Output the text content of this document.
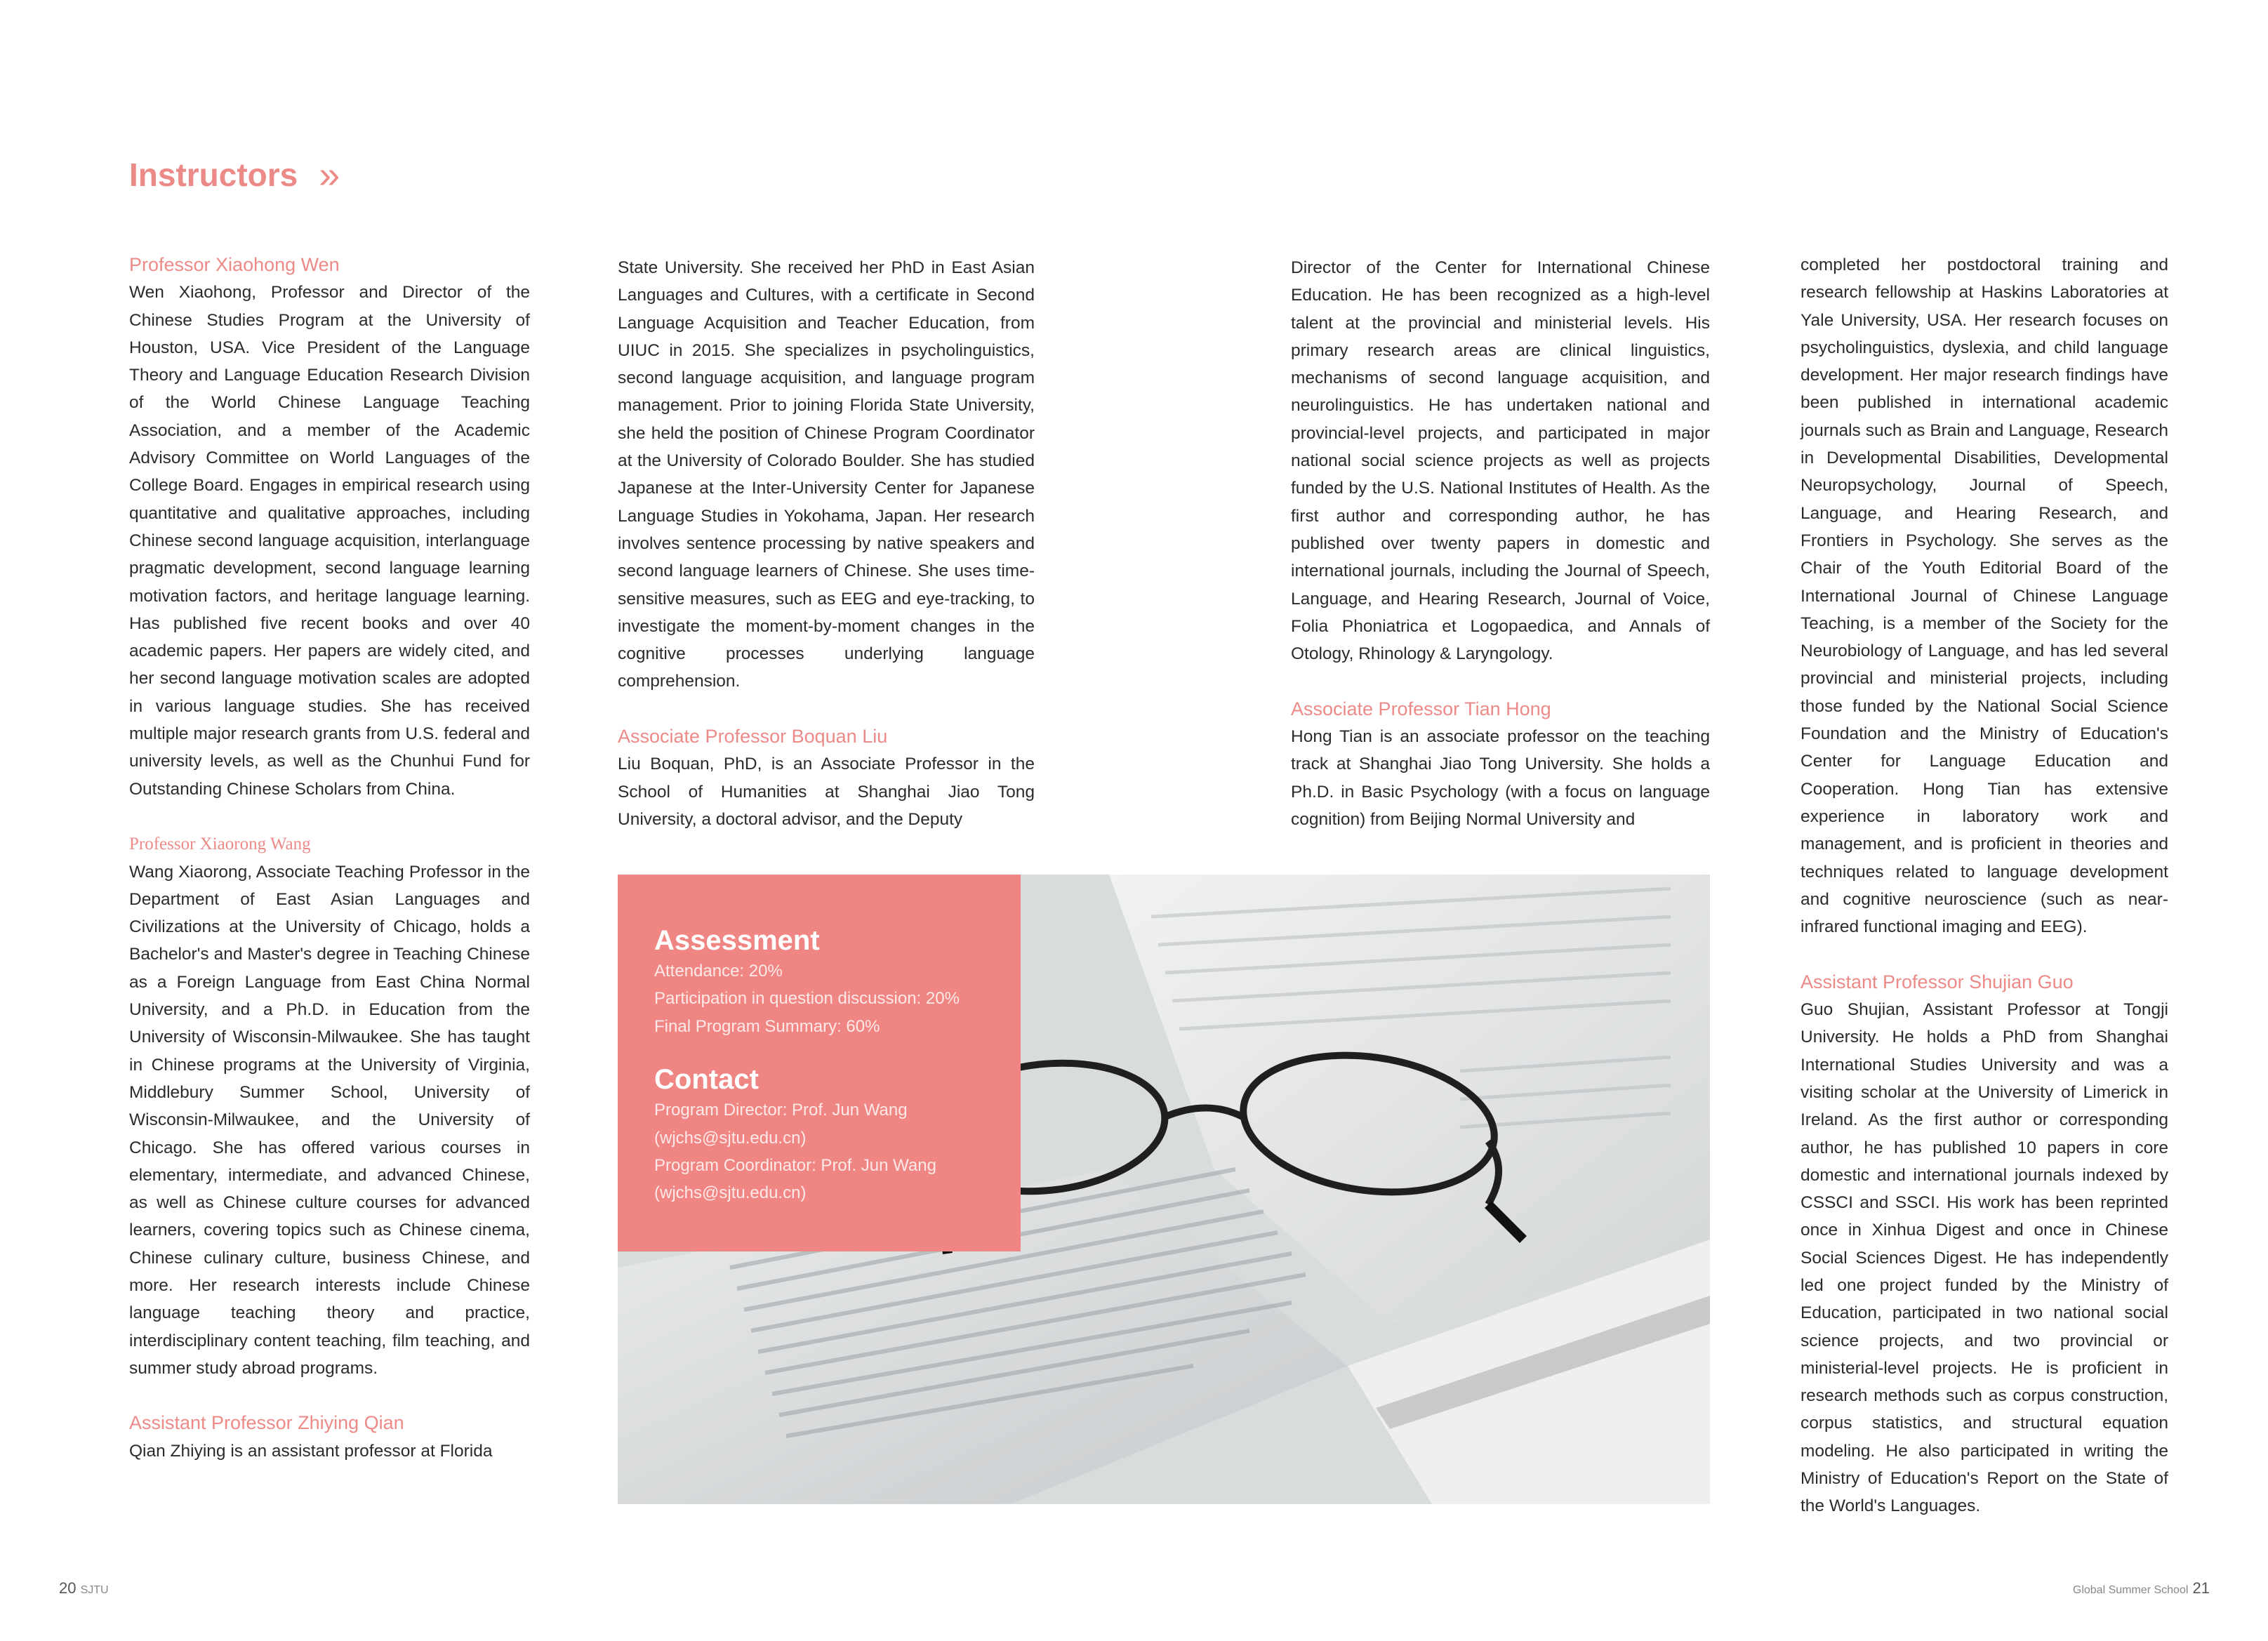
Instructors »
Professor Xiaohong Wen

Wen Xiaohong, Professor and Director of the Chinese Studies Program at the University of Houston, USA. Vice President of the Language Theory and Language Education Research Division of the World Chinese Language Teaching Association, and a member of the Academic Advisory Committee on World Languages of the College Board. Engages in empirical research using quantitative and qualitative approaches, including Chinese second language acquisition, interlanguage pragmatic development, second language learning motivation factors, and heritage language learning. Has published five recent books and over 40 academic papers. Her papers are widely cited, and her second language motivation scales are adopted in various language studies. She has received multiple major research grants from U.S. federal and university levels, as well as the Chunhui Fund for Outstanding Chinese Scholars from China.

Professor Xiaorong Wang

Wang Xiaorong, Associate Teaching Professor in the Department of East Asian Languages and Civilizations at the University of Chicago, holds a Bachelor's and Master's degree in Teaching Chinese as a Foreign Language from East China Normal University, and a Ph.D. in Education from the University of Wisconsin-Milwaukee. She has taught in Chinese programs at the University of Virginia, Middlebury Summer School, University of Wisconsin-Milwaukee, and the University of Chicago. She has offered various courses in elementary, intermediate, and advanced Chinese, as well as Chinese culture courses for advanced learners, covering topics such as Chinese cinema, Chinese culinary culture, business Chinese, and more. Her research interests include Chinese language teaching theory and practice, interdisciplinary content teaching, film teaching, and summer study abroad programs.

Assistant Professor Zhiying Qian

Qian Zhiying is an assistant professor at Florida

State University. She received her PhD in East Asian Languages and Cultures, with a certificate in Second Language Acquisition and Teacher Education, from UIUC in 2015. She specializes in psycholinguistics, second language acquisition, and language program management. Prior to joining Florida State University, she held the position of Chinese Program Coordinator at the University of Colorado Boulder. She has studied Japanese at the Inter-University Center for Japanese Language Studies in Yokohama, Japan. Her research involves sentence processing by native speakers and second language learners of Chinese. She uses time-sensitive measures, such as EEG and eye-tracking, to investigate the moment-by-moment changes in the cognitive processes underlying language comprehension.

Associate Professor Boquan Liu

Liu Boquan, PhD, is an Associate Professor in the School of Humanities at Shanghai Jiao Tong University, a doctoral advisor, and the Deputy

Director of the Center for International Chinese Education. He has been recognized as a high-level talent at the provincial and ministerial levels. His primary research areas are clinical linguistics, mechanisms of second language acquisition, and neurolinguistics. He has undertaken national and provincial-level projects, and participated in major national social science projects as well as projects funded by the U.S. National Institutes of Health. As the first author and corresponding author, he has published over twenty papers in domestic and international journals, including the Journal of Speech, Language, and Hearing Research, Journal of Voice, Folia Phoniatrica et Logopaedica, and Annals of Otology, Rhinology & Laryngology.

Associate Professor Tian Hong

Hong Tian is an associate professor on the teaching track at Shanghai Jiao Tong University. She holds a Ph.D. in Basic Psychology (with a focus on language cognition) from Beijing Normal University and

completed her postdoctoral training and research fellowship at Haskins Laboratories at Yale University, USA. Her research focuses on psycholinguistics, dyslexia, and child language development. Her major research findings have been published in international academic journals such as Brain and Language, Research in Developmental Disabilities, Developmental Neuropsychology, Journal of Speech, Language, and Hearing Research, and Frontiers in Psychology. She serves as the Chair of the Youth Editorial Board of the International Journal of Chinese Language Teaching, is a member of the Society for the Neurobiology of Language, and has led several provincial and ministerial projects, including those funded by the National Social Science Foundation and the Ministry of Education's Center for Language Education and Cooperation. Hong Tian has extensive experience in laboratory work and management, and is proficient in theories and techniques related to language development and cognitive neuroscience (such as near-infrared functional imaging and EEG).

Assistant Professor Shujian Guo

Guo Shujian, Assistant Professor at Tongji University. He holds a PhD from Shanghai International Studies University and was a visiting scholar at the University of Limerick in Ireland. As the first author or corresponding author, he has published 10 papers in core domestic and international journals indexed by CSSCI and SSCI. His work has been reprinted once in Xinhua Digest and once in Chinese Social Sciences Digest. He has independently led one project funded by the Ministry of Education, participated in two national social science projects, and two provincial or ministerial-level projects. He is proficient in research methods such as corpus construction, corpus statistics, and structural equation modeling. He also participated in writing the Ministry of Education's Report on the State of the World's Languages.

Assessment
Attendance: 20%
Participation in question discussion: 20%
Final Program Summary: 60%
Contact
Program Director: Prof. Jun Wang
(wjchs@sjtu.edu.cn)
Program Coordinator: Prof. Jun Wang
(wjchs@sjtu.edu.cn)
20 SJTU	Global Summer School 21
